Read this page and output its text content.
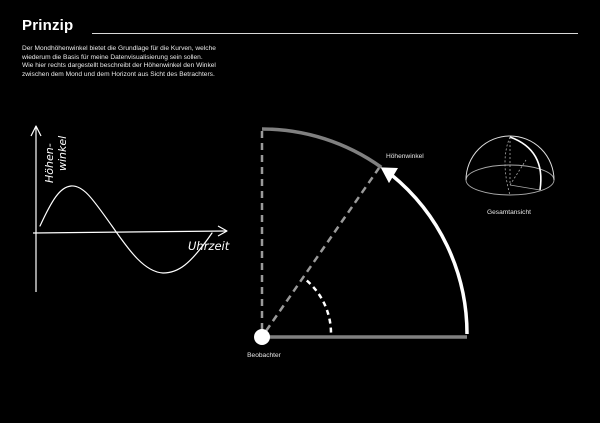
Prinzip

Der Mondhöhenwinkel bietet die Grundlage für die Kurven, welche

wiederum die Basis für meine Datenvisualisierung sein sollen.

Wie hier rechts dargestellt beschreibt der Höhenwinkel den Winkel

zwischen dem Mond und dem Horizont aus Sicht des Betrachters.

Höhen- winkel
Uhrzeit
Höhenwinkel
Beobachter
Gesamtansicht
